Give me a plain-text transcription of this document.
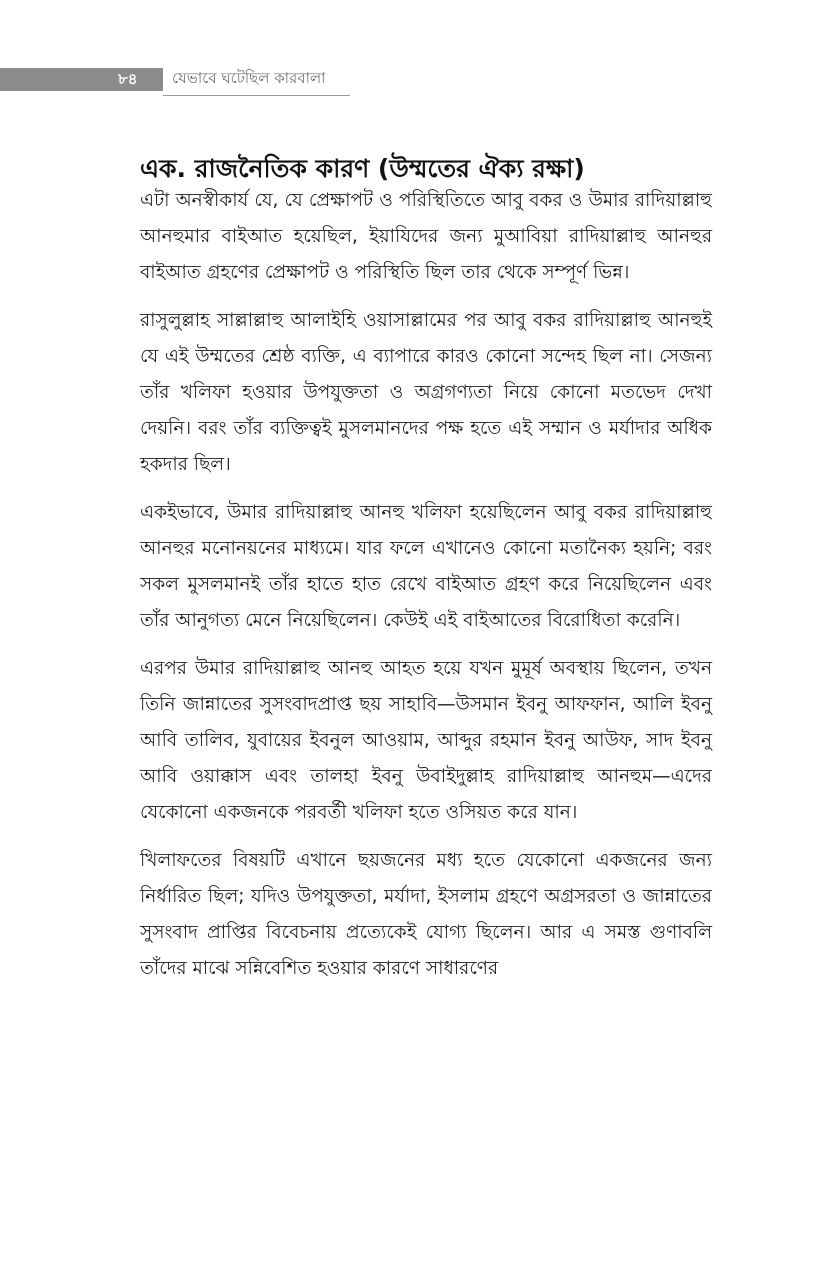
৮৪ যেভাবে ঘটেছিল কারবালা
এক. রাজনৈতিক কারণ (উম্মতের ঐক্য রক্ষা)

এটা অনস্বীকার্য যে, যে প্রেক্ষাপট ও পরিস্থিতিতে আবু বকর ও উমার রাদিয়াল্লাহু আনহুমার বাইআত হয়েছিল, ইয়াযিদের জন্য মুআবিয়া রাদিয়াল্লাহু আনহুর বাইআত গ্রহণের প্রেক্ষাপট ও পরিস্থিতি ছিল তার থেকে সম্পূর্ণ ভিন্ন।

রাসুলুল্লাহ সাল্লাল্লাহু আলাইহি ওয়াসাল্লামের পর আবু বকর রাদিয়াল্লাহু আনহুই যে এই উম্মতের শ্রেষ্ঠ ব্যক্তি, এ ব্যাপারে কারও কোনো সন্দেহ ছিল না। সেজন্য তাঁর খলিফা হওয়ার উপযুক্ততা ও অগ্রগণ্যতা নিয়ে কোনো মতভেদ দেখা দেয়নি। বরং তাঁর ব্যক্তিত্বই মুসলমানদের পক্ষ হতে এই সম্মান ও মর্যাদার অধিক হকদার ছিল।

একইভাবে, উমার রাদিয়াল্লাহু আনহু খলিফা হয়েছিলেন আবু বকর রাদিয়াল্লাহু আনহুর মনোনয়নের মাধ্যমে। যার ফলে এখানেও কোনো মতানৈক্য হয়নি; বরং সকল মুসলমানই তাঁর হাতে হাত রেখে বাইআত গ্রহণ করে নিয়েছিলেন এবং তাঁর আনুগত্য মেনে নিয়েছিলেন। কেউই এই বাইআতের বিরোধিতা করেনি।

এরপর উমার রাদিয়াল্লাহু আনহু আহত হয়ে যখন মুমূর্ষ অবস্থায় ছিলেন, তখন তিনি জান্নাতের সুসংবাদপ্রাপ্ত ছয় সাহাবি—উসমান ইবনু আফফান, আলি ইবনু আবি তালিব, যুবায়ের ইবনুল আওয়াম, আব্দুর রহমান ইবনু আউফ, সাদ ইবনু আবি ওয়াক্কাস এবং তালহা ইবনু উবাইদুল্লাহ রাদিয়াল্লাহু আনহুম—এদের যেকোনো একজনকে পরবর্তী খলিফা হতে ওসিয়ত করে যান।

খিলাফতের বিষয়টি এখানে ছয়জনের মধ্য হতে যেকোনো একজনের জন্য নির্ধারিত ছিল; যদিও উপযুক্ততা, মর্যাদা, ইসলাম গ্রহণে অগ্রসরতা ও জান্নাতের সুসংবাদ প্রাপ্তির বিবেচনায় প্রত্যেকেই যোগ্য ছিলেন। আর এ সমস্ত গুণাবলি তাঁদের মাঝে সন্নিবেশিত হওয়ার কারণে সাধারণের
